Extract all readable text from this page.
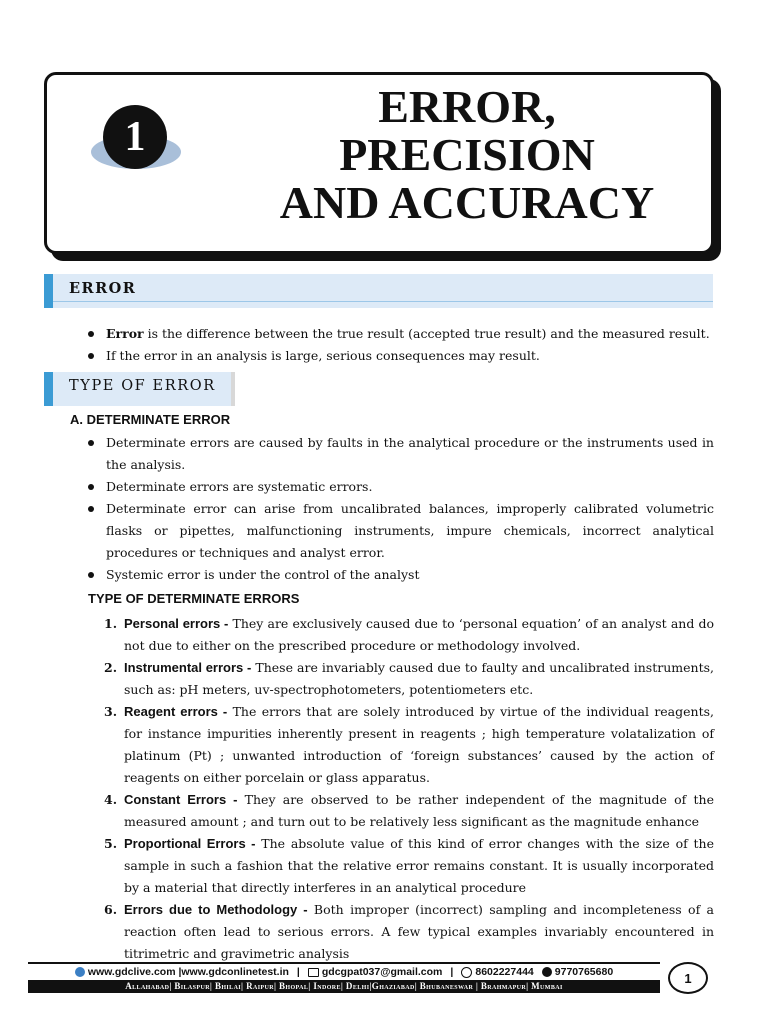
1
ERROR,
PRECISION
AND ACCURACY
ERROR
Error is the difference between the true result (accepted true result) and the measured result.
If the error in an analysis is large, serious consequences may result.
TYPE OF ERROR
A. DETERMINATE ERROR
Determinate errors are caused by faults in the analytical procedure or the instruments used in the analysis.
Determinate errors are systematic errors.
Determinate error can arise from uncalibrated balances, improperly calibrated volumetric flasks or pipettes, malfunctioning instruments, impure chemicals, incorrect analytical procedures or techniques and analyst error.
Systemic error is under the control of the analyst
TYPE OF DETERMINATE ERRORS
1. Personal errors - They are exclusively caused due to ‘personal equation’ of an analyst and do not due to either on the prescribed procedure or methodology involved.
2. Instrumental errors - These are invariably caused due to faulty and uncalibrated instruments, such as: pH meters, uv-spectrophotometers, potentiometers etc.
3. Reagent errors - The errors that are solely introduced by virtue of the individual reagents, for instance impurities inherently present in reagents ; high temperature volatalization of platinum (Pt) ; unwanted introduction of ‘foreign substances’ caused by the action of reagents on either porcelain or glass apparatus.
4. Constant Errors - They are observed to be rather independent of the magnitude of the measured amount ; and turn out to be relatively less significant as the magnitude enhance
5. Proportional Errors - The absolute value of this kind of error changes with the size of the sample in such a fashion that the relative error remains constant. It is usually incorporated by a material that directly interferes in an analytical procedure
6. Errors due to Methodology - Both improper (incorrect) sampling and incompleteness of a reaction often lead to serious errors. A few typical examples invariably encountered in titrimetric and gravimetric analysis
www.gdclive.com |www.gdconlinetest.in |	gdcgpat037@gmail.com |	8602227444	9770765680
Allahabad| Bilaspur| Bhilai| Raipur| Bhopal| Indore| Delhi|Ghaziabad| Bhubaneswar | Brahmapur| Mumbai
1
